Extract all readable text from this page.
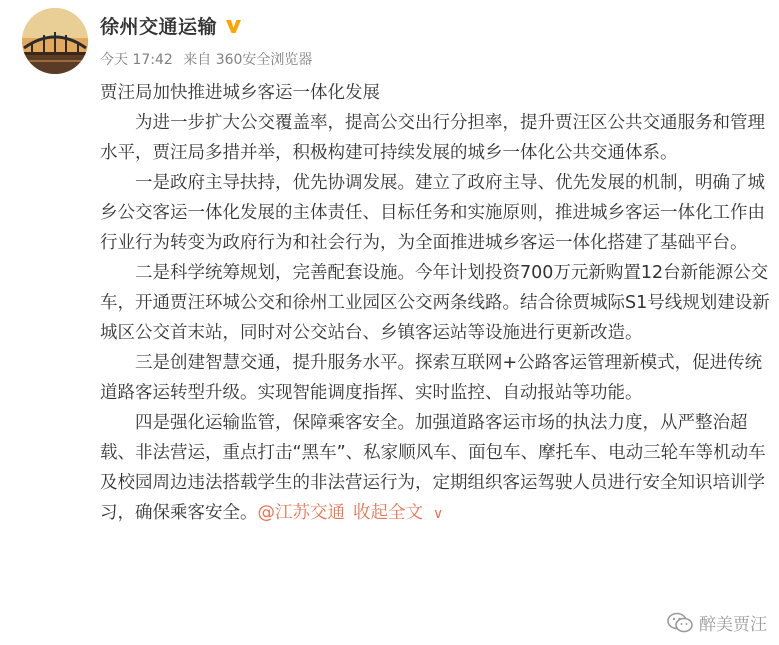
徐州交通运输
今天 17:42 来自 360安全浏览器

贾汪局加快推进城乡客运一体化发展

为进一步扩大公交覆盖率，提高公交出行分担率，提升贾汪区公共交通服务和管理水平，贾汪局多措并举，积极构建可持续发展的城乡一体化公共交通体系。

一是政府主导扶持，优先协调发展。建立了政府主导、优先发展的机制，明确了城乡公交客运一体化发展的主体责任、目标任务和实施原则，推进城乡客运一体化工作由行业行为转变为政府行为和社会行为，为全面推进城乡客运一体化搭建了基础平台。

二是科学统筹规划，完善配套设施。今年计划投资700万元新购置12台新能源公交车，开通贾汪环城公交和徐州工业园区公交两条线路。结合徐贾城际S1号线规划建设新城区公交首末站，同时对公交站台、乡镇客运站等设施进行更新改造。

三是创建智慧交通，提升服务水平。探索互联网+公路客运管理新模式，促进传统道路客运转型升级。实现智能调度指挥、实时监控、自动报站等功能。

四是强化运输监管，保障乘客安全。加强道路客运市场的执法力度，从严整治超载、非法营运，重点打击“黑车”、私家顺风车、面包车、摩托车、电动三轮车等机动车及校园周边违法搭载学生的非法营运行为，定期组织客运驾驶人员进行安全知识培训学习，确保乘客安全。@江苏交通 收起全文 ∨

醉美贾汪
